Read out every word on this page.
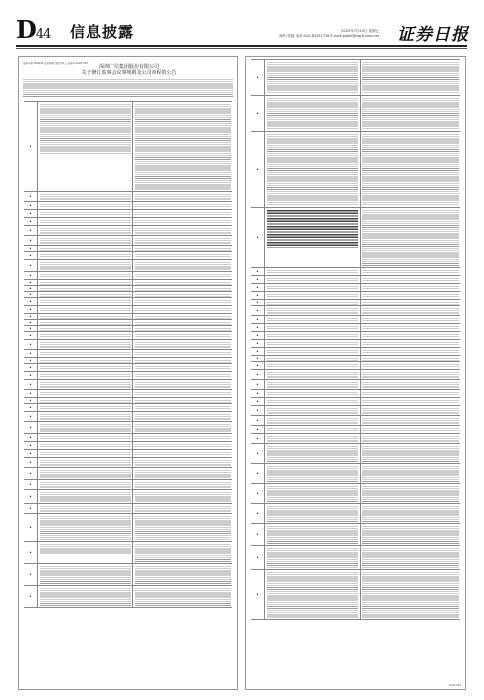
D44 信息披露	2020年7月24日 星期五
制作:张颖 电话:010-83251716 E-mail:zqrb9@zqrb.sina.net 证券日报
证券代码:000045 证券简称:深纺织A 公告编号:2020-034
深圳广信集团股份有限公司
关于修订监事会议事规则及公司章程的公告
▪
▪
▪
▪
▪
▪
▪
▪
▪
▪
▪
▪
▪
▪
▪
▪
▪
▪
▪
▪
▪
▪
▪
▪
▪
▪
▪
▪
▪
▪
▪
▪
▪
▪
▪
▪
▪
▪
▪
▪
▪
▪
▪
▪
▪
▪
▪
▪
▪
▪
▪
▪
▪
▪
▪
▪
▪
▪
▪
▪
▪
▪
▪
▪
▪
▪
▪
▪
▪
▪
▪
▪
▪
▪
▪
2020-034
